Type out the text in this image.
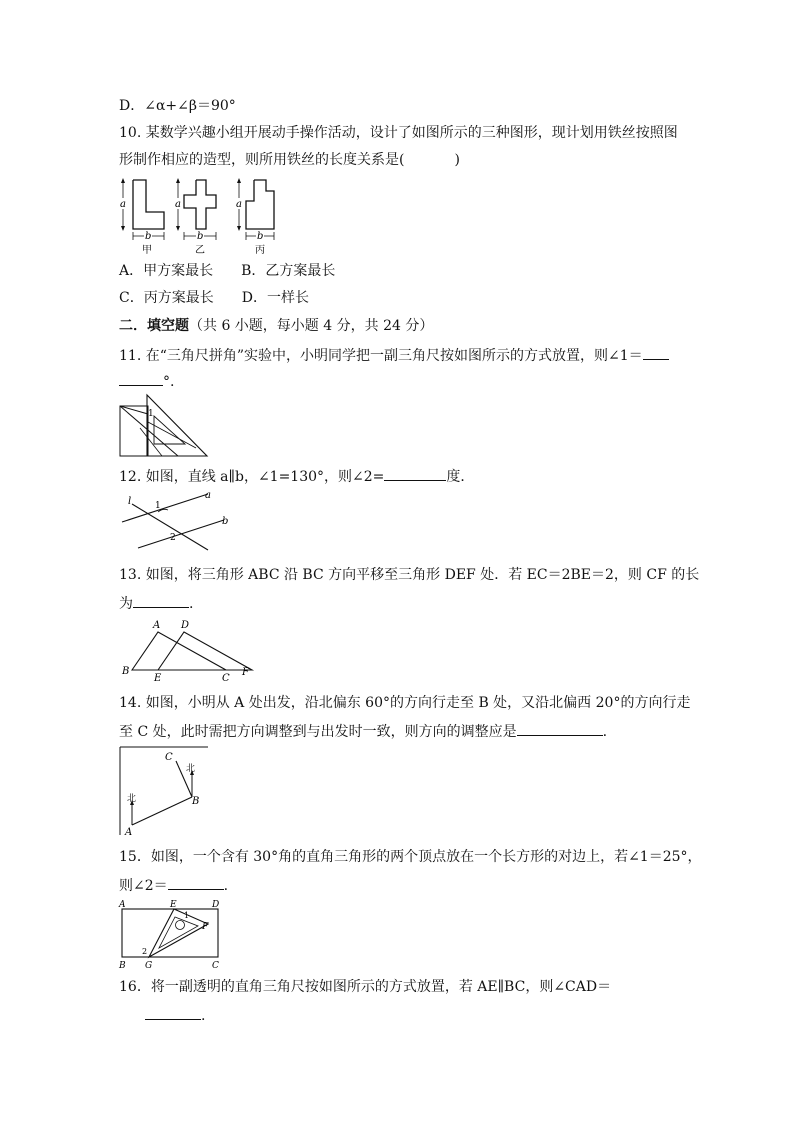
D．∠α+∠β＝90°
10. 某数学兴趣小组开展动手操作活动，设计了如图所示的三种图形，现计划用铁丝按照图
形制作相应的造型，则所用铁丝的长度关系是(	)
a
b
甲
a
b
乙
a
b
丙
A．甲方案最长 B．乙方案最长
C．丙方案最长 D．一样长
二．填空题（共 6 小题，每小题 4 分，共 24 分）
11. 在“三角尺拼角”实验中，小明同学把一副三角尺按如图所示的方式放置，则∠1＝
°.
1
12. 如图，直线 a∥b，∠1=130°，则∠2=	度．
l
a
b
1
2
13. 如图，将三角形 ABC 沿 BC 方向平移至三角形 DEF 处．若 EC＝2BE＝2，则 CF 的长
为	.
A D
B
E	C
F
14. 如图，小明从 A 处出发，沿北偏东 60°的方向行走至 B 处，又沿北偏西 20°的方向行走
至 C 处，此时需把方向调整到与出发时一致，则方向的调整应是	.
C
北
B
北
A
15．如图，一个含有 30°角的直角三角形的两个顶点放在一个长方形的对边上，若∠1＝25°，
则∠2＝	.
A	E	D
F
B G	C
1
2
16．将一副透明的直角三角尺按如图所示的方式放置，若 AE∥BC，则∠CAD＝
.
